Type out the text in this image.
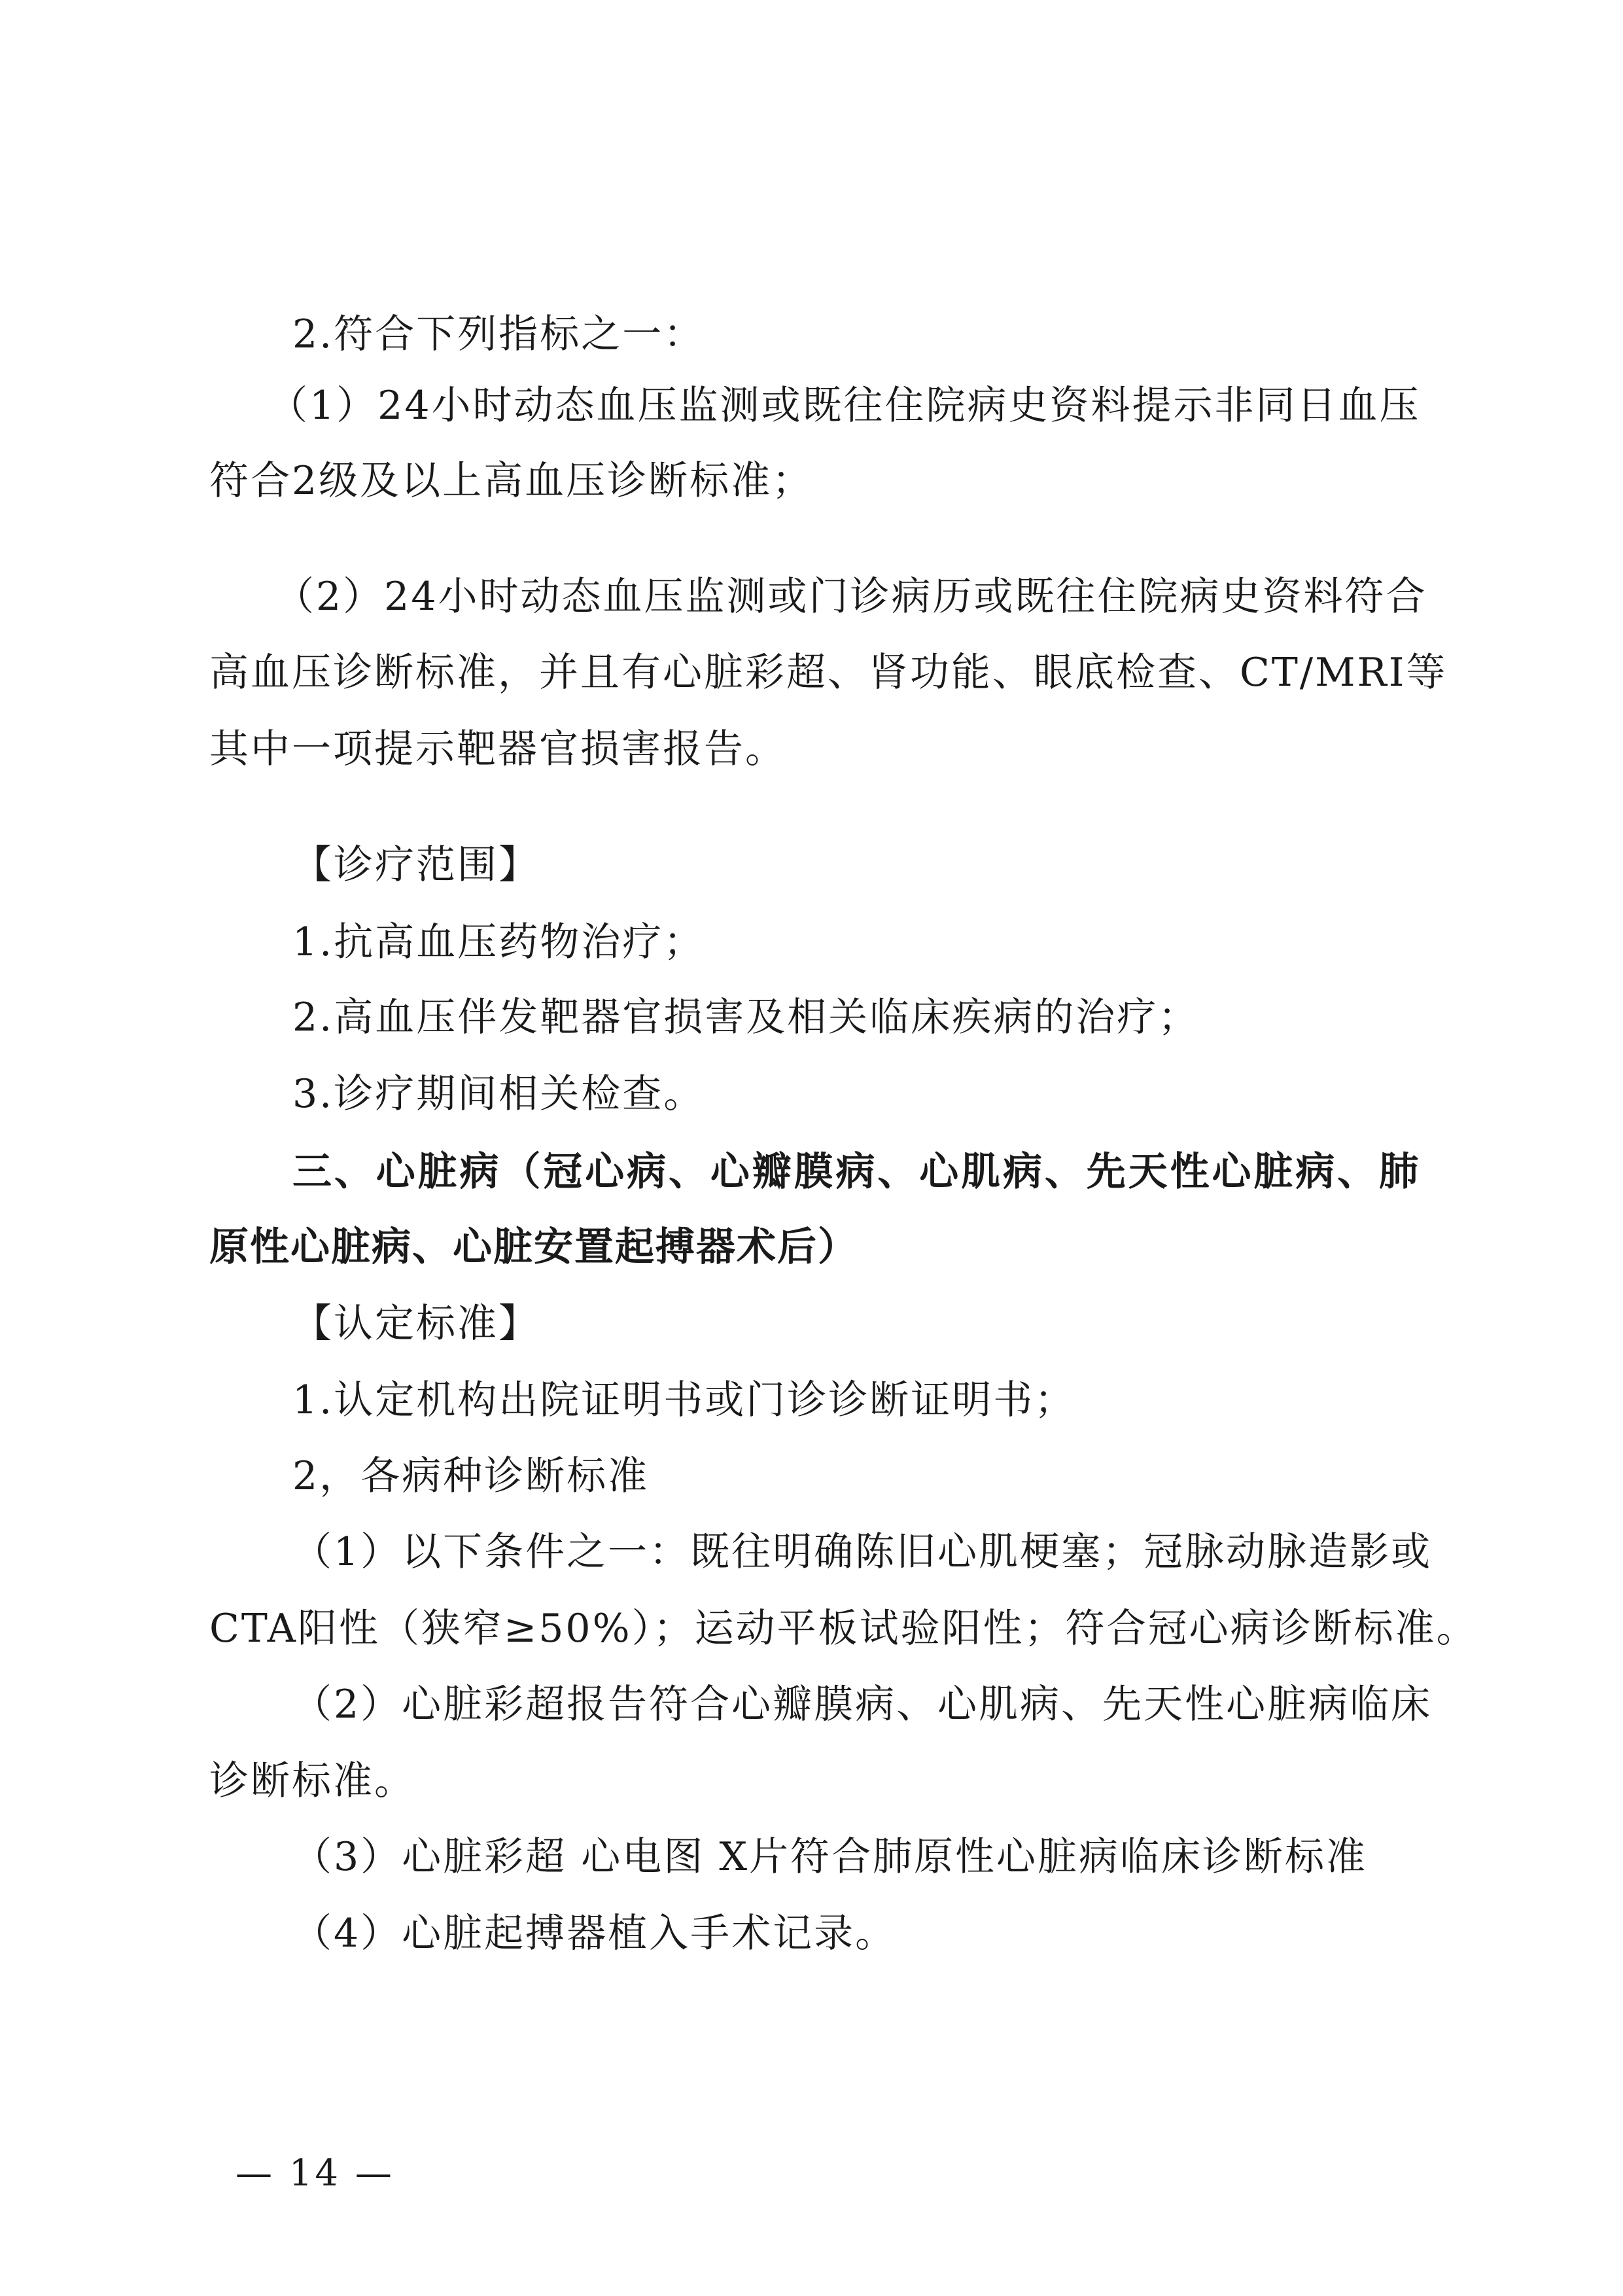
2.符合下列指标之一：
（1）24小时动态血压监测或既往住院病史资料提示非同日血压
符合2级及以上高血压诊断标准；
（2）24小时动态血压监测或门诊病历或既往住院病史资料符合
高血压诊断标准，并且有心脏彩超、肾功能、眼底检查、CT/MRI等
其中一项提示靶器官损害报告。
【诊疗范围】
1.抗高血压药物治疗；
2.高血压伴发靶器官损害及相关临床疾病的治疗；
3.诊疗期间相关检查。
三、心脏病（冠心病、心瓣膜病、心肌病、先天性心脏病、肺
原性心脏病、心脏安置起搏器术后）
【认定标准】
1.认定机构出院证明书或门诊诊断证明书；
2，各病种诊断标准
（1）以下条件之一：既往明确陈旧心肌梗塞；冠脉动脉造影或
CTA阳性（狭窄≥50%）；运动平板试验阳性；符合冠心病诊断标准。
（2）心脏彩超报告符合心瓣膜病、心肌病、先天性心脏病临床
诊断标准。
（3）心脏彩超 心电图 X片符合肺原性心脏病临床诊断标准
（4）心脏起搏器植入手术记录。
— 14 —
